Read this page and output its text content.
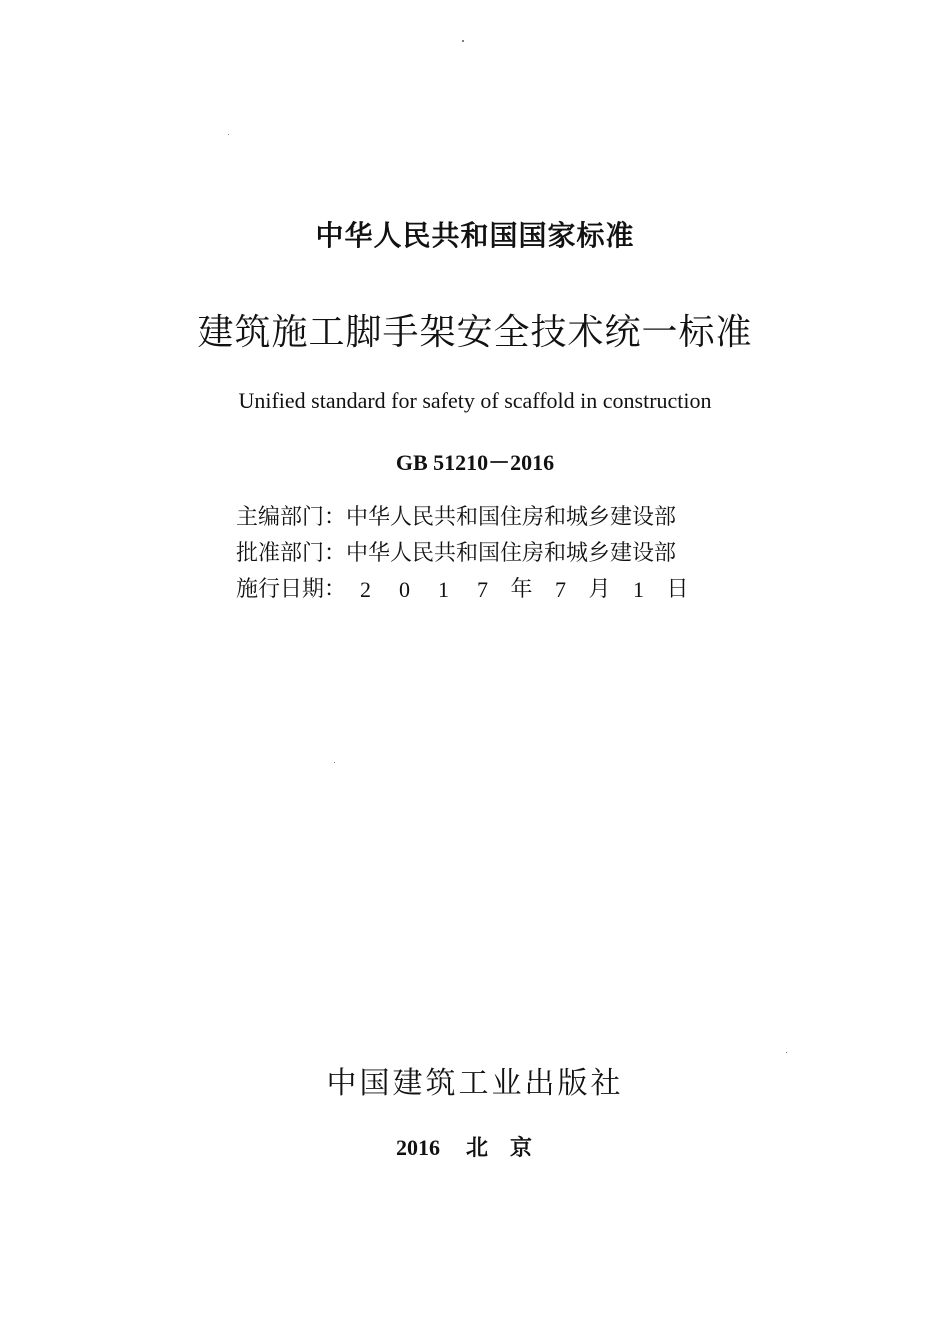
中华人民共和国国家标准
建筑施工脚手架安全技术统一标准
Unified standard for safety of scaffold in construction
GB 51210－2016
主编部门 ： 中华人民共和国住房和城乡建设部
批准部门 ： 中华人民共和国住房和城乡建设部
施行日期 ： 2	0	1	7	年	7	月	1	日
中国建筑工业出版社
2016 北京
